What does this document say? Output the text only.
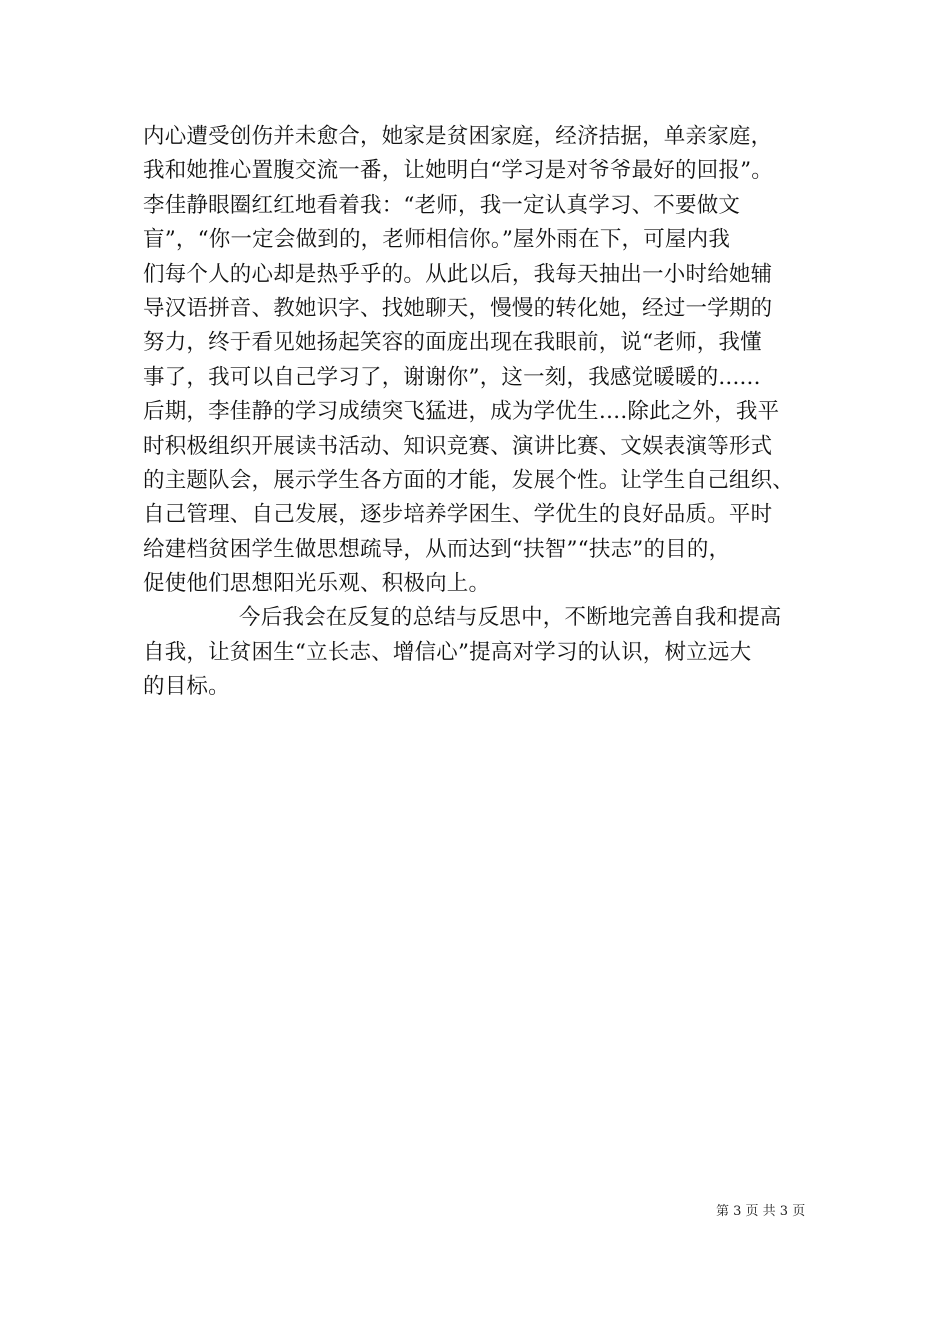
内心遭受创伤并未愈合，她家是贫困家庭，经济拮据，单亲家庭，
我和她推心置腹交流一番，让她明白“学习是对爷爷最好的回报”。
李佳静眼圈红红地看着我：“老师，我一定认真学习、不要做文
盲”，“你一定会做到的，老师相信你。”屋外雨在下，可屋内我
们每个人的心却是热乎乎的。从此以后，我每天抽出一小时给她辅
导汉语拼音、教她识字、找她聊天，慢慢的转化她，经过一学期的
努力，终于看见她扬起笑容的面庞出现在我眼前，说“老师，我懂
事了，我可以自己学习了，谢谢你”，这一刻，我感觉暖暖的......
后期，李佳静的学习成绩突飞猛进，成为学优生….除此之外，我平
时积极组织开展读书活动、知识竞赛、演讲比赛、文娱表演等形式
的主题队会，展示学生各方面的才能，发展个性。让学生自己组织、
自己管理、自己发展，逐步培养学困生、学优生的良好品质。平时
给建档贫困学生做思想疏导，从而达到“扶智”“扶志”的目的，
促使他们思想阳光乐观、积极向上。
今后我会在反复的总结与反思中，不断地完善自我和提高
自我，让贫困生“立长志、增信心”提高对学习的认识，树立远大
的目标。
第 3 页 共 3 页
